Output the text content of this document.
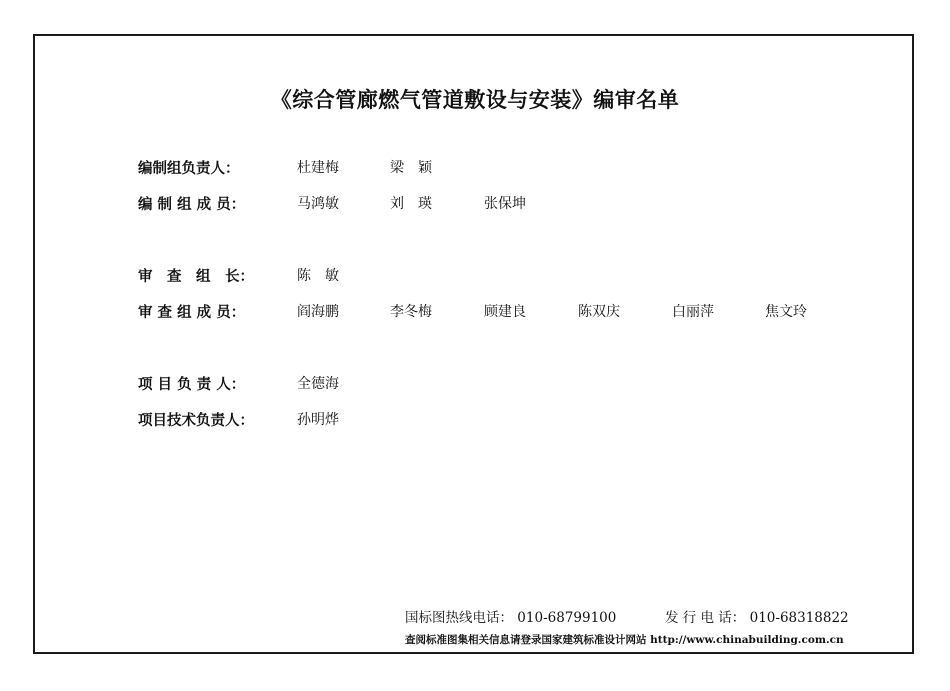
《综合管廊燃气管道敷设与安装》编审名单
编制组负责人：	杜建梅	梁　颖
编 制 组 成 员：	马鸿敏	刘　瑛	张保坤
审　查　组　长：	陈　敏
审 查 组 成 员：	阎海鹏	李冬梅	顾建良	陈双庆	白丽萍	焦文玲
项 目 负 责 人：	全德海
项目技术负责人：	孙明烨
国标图热线电话： 010-68799100	发 行 电 话： 010-68318822
查阅标准图集相关信息请登录国家建筑标准设计网站 http://www.chinabuilding.com.cn
